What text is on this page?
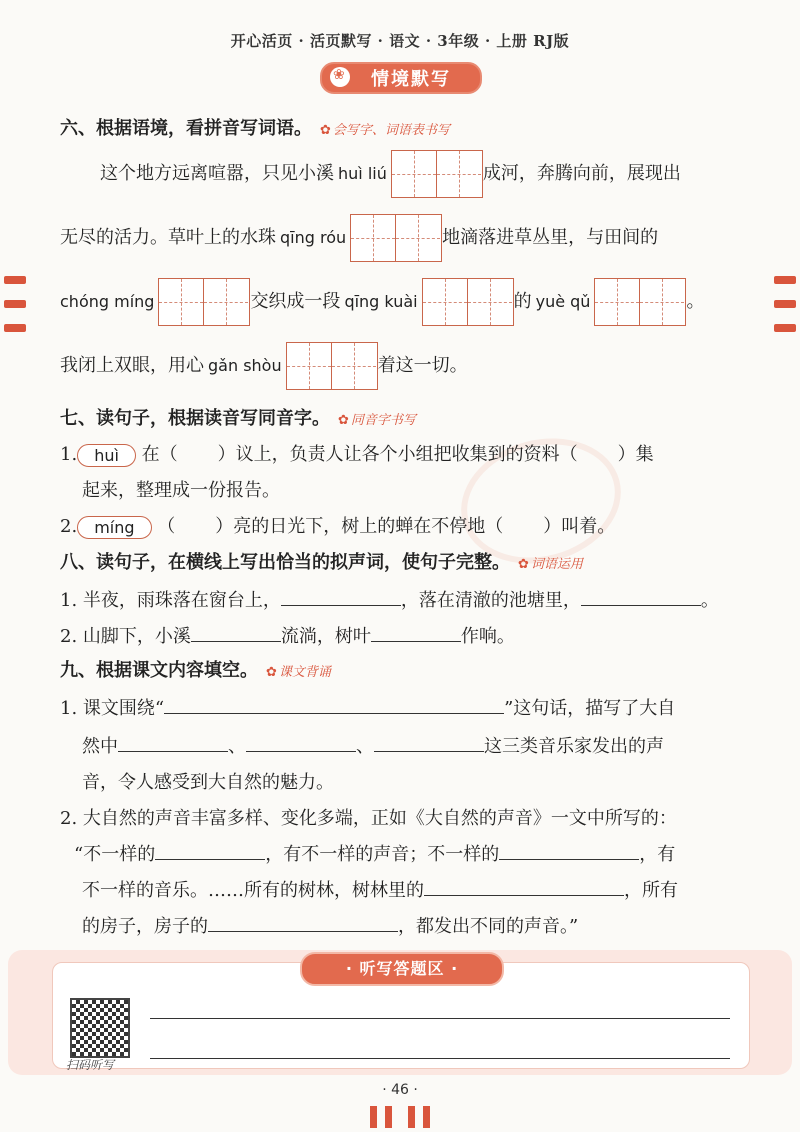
开心活页 · 活页默写 · 语文 · 3年级 · 上册 RJ版
❀
情境默写
六、根据语境，看拼音写词语。 ✿ 会写字、词语表书写
这个地方远离喧嚣，只见小溪 huì liú	成河，奔腾向前，展现出
无尽的活力。草叶上的水珠 qīng róu	地滴落进草丛里，与田间的
chóng míng	交织成一段 qīng kuài	的 yuè qǔ	。
我闭上双眼，用心 gǎn shòu	着这一切。
七、读句子，根据读音写同音字。 ✿ 同音字书写
1. huì 在（ ）议上，负责人让各个小组把收集到的资料（ ）集
起来，整理成一份报告。
2. míng （ ）亮的日光下，树上的蝉在不停地（ ）叫着。
八、读句子，在横线上写出恰当的拟声词，使句子完整。 ✿ 词语运用
1. 半夜，雨珠落在窗台上，	，落在清澈的池塘里，	。
2. 山脚下，小溪	流淌，树叶	作响。
九、根据课文内容填空。 ✿ 课文背诵
1. 课文围绕“	”这句话，描写了大自
然中	、	、	这三类音乐家发出的声
音，令人感受到大自然的魅力。
2. 大自然的声音丰富多样、变化多端，正如《大自然的声音》一文中所写的：
“不一样的	，有不一样的声音；不一样的	，有
不一样的音乐。……所有的树林，树林里的	，所有
的房子，房子的	，都发出不同的声音。”
· 听写答题区 ·
扫码听写
· 46 ·
